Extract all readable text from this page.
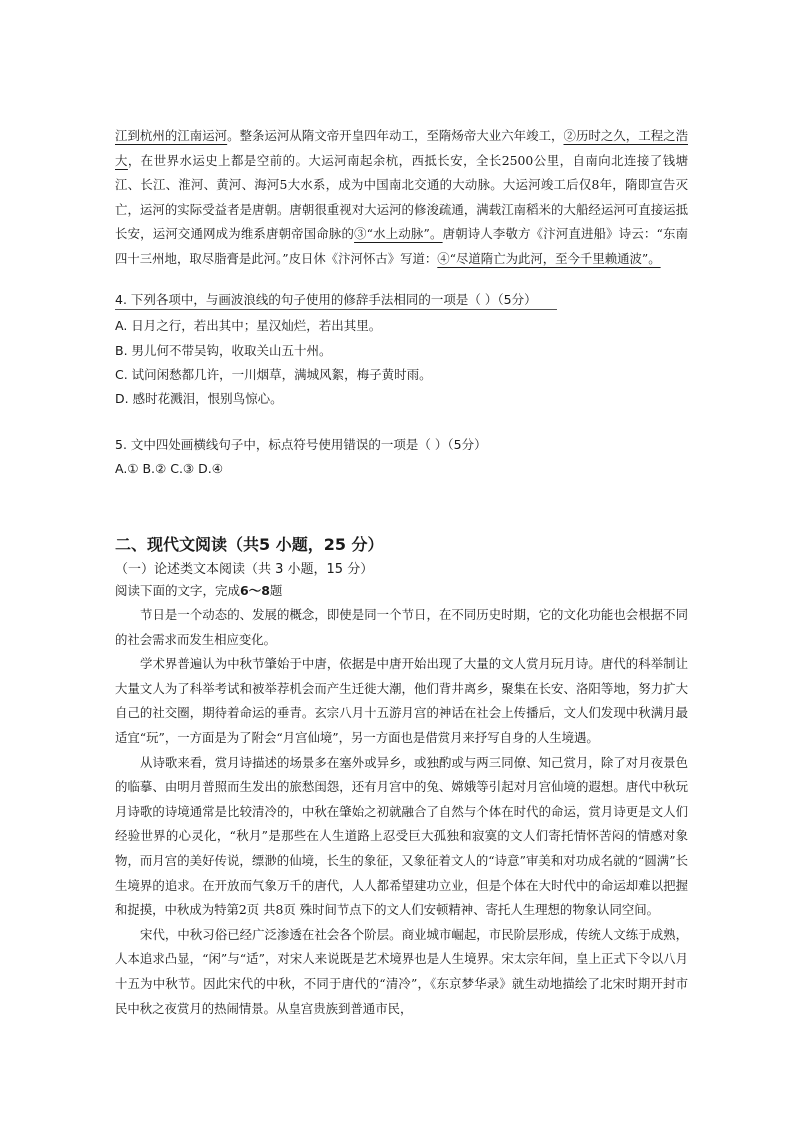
江到杭州的江南运河。整条运河从隋文帝开皇四年动工，至隋炀帝大业六年竣工，②历时之久，工程之浩大，在世界水运史上都是空前的。大运河南起余杭，西抵长安，全长2500公里，自南向北连接了钱塘江、长江、淮河、黄河、海河5大水系，成为中国南北交通的大动脉。大运河竣工后仅8年，隋即宣告灭亡，运河的实际受益者是唐朝。唐朝很重视对大运河的修浚疏通，满载江南稻米的大船经运河可直接运抵长安，运河交通网成为维系唐朝帝国命脉的③“水上动脉”。唐朝诗人李敬方《汴河直进船》诗云：“东南四十三州地，取尽脂膏是此河。”皮日休《汴河怀古》写道：④“尽道隋亡为此河，至今千里赖通波”。

4. 下列各项中，与画波浪线的句子使用的修辞手法相同的一项是（ ）（5分）
A. 日月之行，若出其中；星汉灿烂，若出其里。
B. 男儿何不带吴钩，收取关山五十州。
C. 试问闲愁都几许，一川烟草，满城风絮，梅子黄时雨。
D. 感时花溅泪，恨别鸟惊心。
5. 文中四处画横线句子中，标点符号使用错误的一项是（ ）（5分）
A.① B.② C.③ D.④
二、现代文阅读（共5 小题，25 分）
（一）论述类文本阅读（共 3 小题，15 分）
阅读下面的文字，完成6～8题

节日是一个动态的、发展的概念，即使是同一个节日，在不同历史时期，它的文化功能也会根据不同的社会需求而发生相应变化。

学术界普遍认为中秋节肇始于中唐，依据是中唐开始出现了大量的文人赏月玩月诗。唐代的科举制让大量文人为了科举考试和被举荐机会而产生迁徙大潮，他们背井离乡，聚集在长安、洛阳等地，努力扩大自己的社交圈，期待着命运的垂青。玄宗八月十五游月宫的神话在社会上传播后，文人们发现中秋满月最适宜“玩”，一方面是为了附会“月宫仙境”，另一方面也是借赏月来抒写自身的人生境遇。

从诗歌来看，赏月诗描述的场景多在塞外或异乡，或独酌或与两三同僚、知己赏月，除了对月夜景色的临摹、由明月普照而生发出的旅愁闺怨，还有月宫中的兔、嫦娥等引起对月宫仙境的遐想。唐代中秋玩月诗歌的诗境通常是比较清冷的，中秋在肇始之初就融合了自然与个体在时代的命运，赏月诗更是文人们经验世界的心灵化，“秋月”是那些在人生道路上忍受巨大孤独和寂寞的文人们寄托情怀苦闷的情感对象物，而月宫的美好传说，缥渺的仙境，长生的象征，又象征着文人的“诗意”审美和对功成名就的“圆满”长生境界的追求。在开放而气象万千的唐代，人人都希望建功立业，但是个体在大时代中的命运却难以把握和捉摸，中秋成为特第2页 共8页 殊时间节点下的文人们安顿精神、寄托人生理想的物象认同空间。

宋代，中秋习俗已经广泛渗透在社会各个阶层。商业城市崛起，市民阶层形成，传统人文练于成熟，人本追求凸显，“闲”与“适”，对宋人来说既是艺术境界也是人生境界。宋太宗年间，皇上正式下令以八月十五为中秋节。因此宋代的中秋，不同于唐代的“清冷”，《东京梦华录》就生动地描绘了北宋时期开封市民中秋之夜赏月的热闹情景。从皇宫贵族到普通市民，
